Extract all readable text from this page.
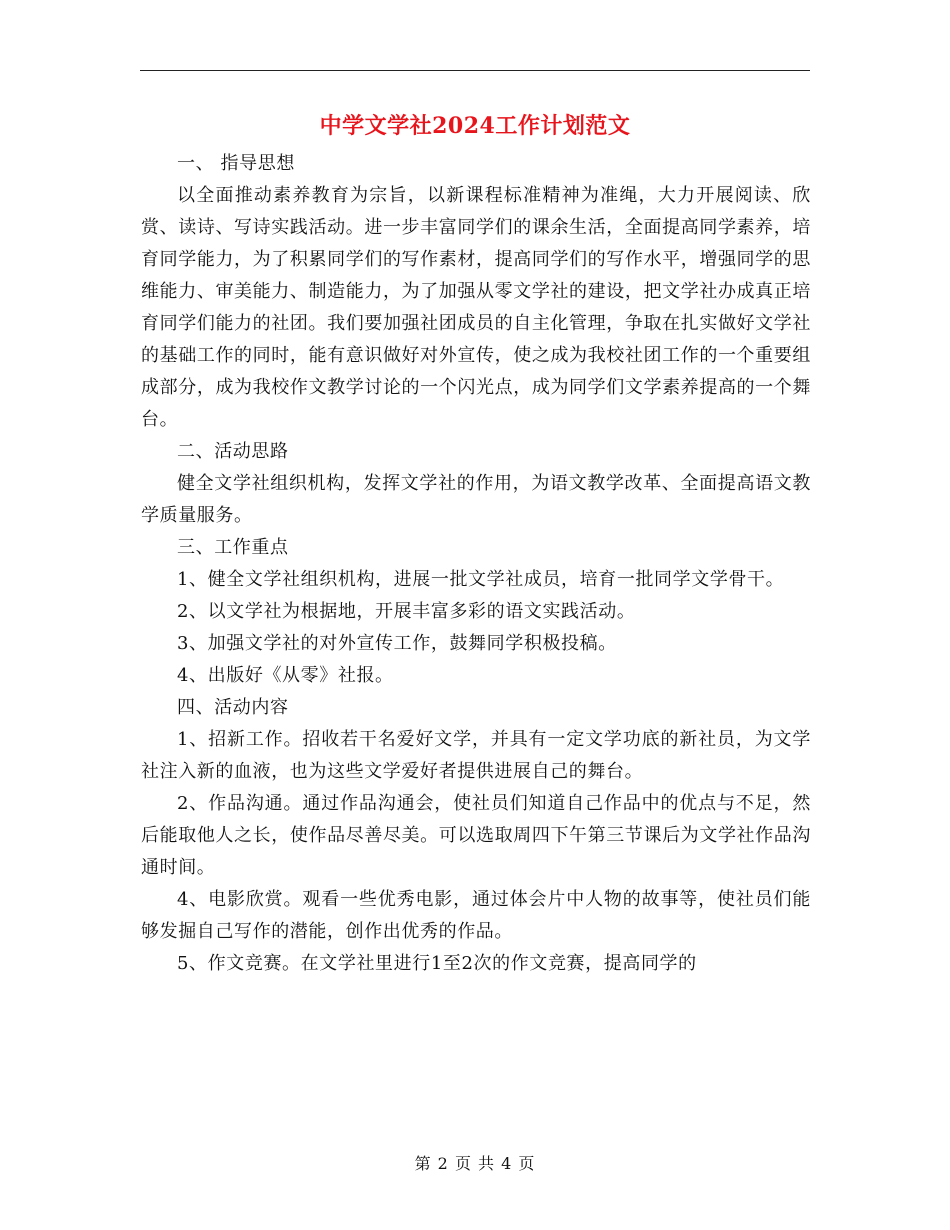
中学文学社2024工作计划范文

一、 指导思想

以全面推动素养教育为宗旨，以新课程标准精神为准绳，大力开展阅读、欣赏、读诗、写诗实践活动。进一步丰富同学们的课余生活，全面提高同学素养，培育同学能力，为了积累同学们的写作素材，提高同学们的写作水平，增强同学的思维能力、审美能力、制造能力，为了加强从零文学社的建设，把文学社办成真正培育同学们能力的社团。我们要加强社团成员的自主化管理，争取在扎实做好文学社的基础工作的同时，能有意识做好对外宣传，使之成为我校社团工作的一个重要组成部分，成为我校作文教学讨论的一个闪光点，成为同学们文学素养提高的一个舞台。

二、活动思路

健全文学社组织机构，发挥文学社的作用，为语文教学改革、全面提高语文教学质量服务。

三、工作重点

1、健全文学社组织机构，进展一批文学社成员，培育一批同学文学骨干。

2、以文学社为根据地，开展丰富多彩的语文实践活动。

3、加强文学社的对外宣传工作，鼓舞同学积极投稿。

4、出版好《从零》社报。

四、活动内容

1、招新工作。招收若干名爱好文学，并具有一定文学功底的新社员，为文学社注入新的血液，也为这些文学爱好者提供进展自己的舞台。

2、作品沟通。通过作品沟通会，使社员们知道自己作品中的优点与不足，然后能取他人之长，使作品尽善尽美。可以选取周四下午第三节课后为文学社作品沟通时间。

4、电影欣赏。观看一些优秀电影，通过体会片中人物的故事等，使社员们能够发掘自己写作的潜能，创作出优秀的作品。

5、作文竞赛。在文学社里进行1至2次的作文竞赛，提高同学的

第 2 页 共 4 页
